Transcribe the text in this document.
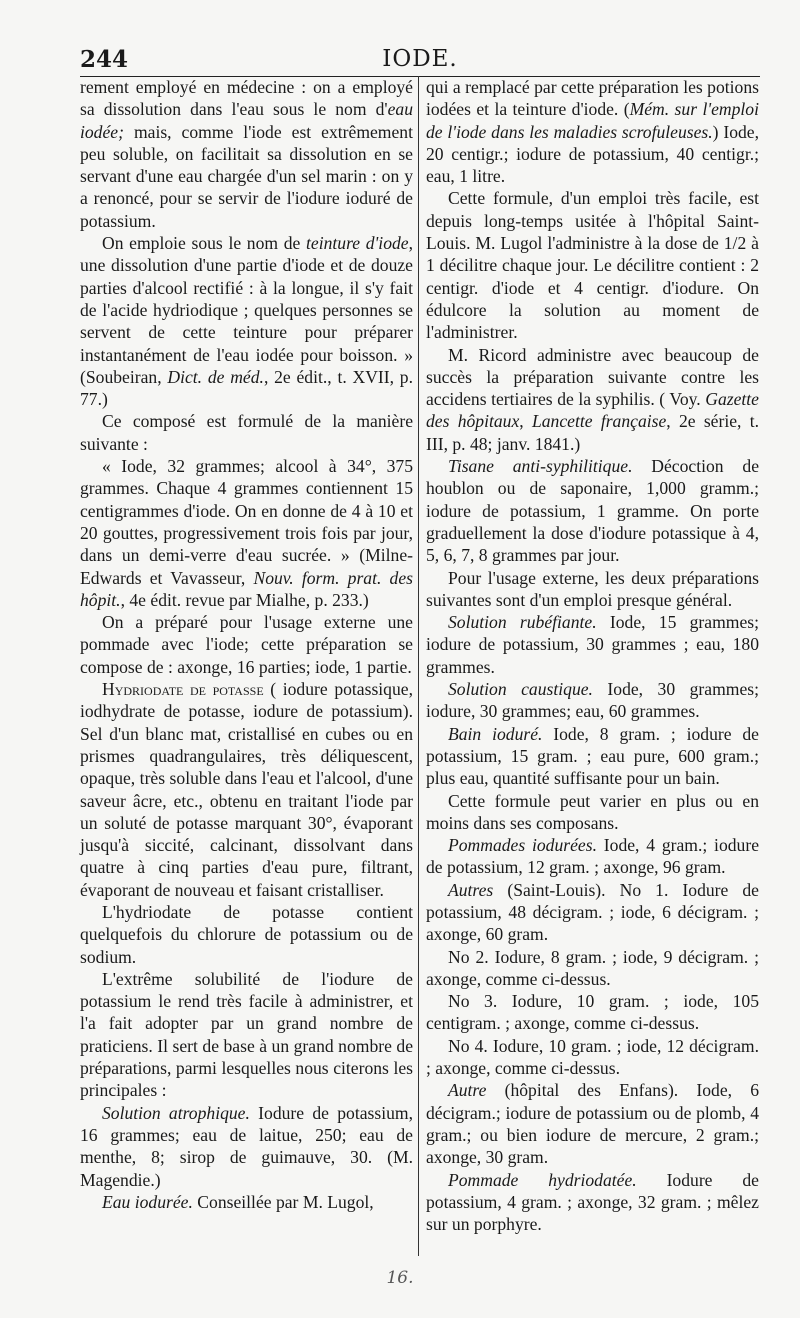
244	IODE.

rement employé en médecine : on a employé sa dissolution dans l'eau sous le nom d'eau iodée; mais, comme l'iode est extrêmement peu soluble, on facilitait sa dissolution en se servant d'une eau chargée d'un sel marin : on y a renoncé, pour se servir de l'iodure ioduré de potassium.

On emploie sous le nom de teinture d'iode, une dissolution d'une partie d'iode et de douze parties d'alcool rectifié : à la longue, il s'y fait de l'acide hydriodique ; quelques personnes se servent de cette teinture pour préparer instantanément de l'eau iodée pour boisson. » (Soubeiran, Dict. de méd., 2e édit., t. XVII, p. 77.)

Ce composé est formulé de la manière suivante :

« Iode, 32 grammes; alcool à 34°, 375 grammes. Chaque 4 grammes contiennent 15 centigrammes d'iode. On en donne de 4 à 10 et 20 gouttes, progressivement trois fois par jour, dans un demi-verre d'eau sucrée. » (Milne-Edwards et Vavasseur, Nouv. form. prat. des hôpit., 4e édit. revue par Mialhe, p. 233.)

On a préparé pour l'usage externe une pommade avec l'iode; cette préparation se compose de : axonge, 16 parties; iode, 1 partie.

Hydriodate de potasse ( iodure potassique, iodhydrate de potasse, iodure de potassium). Sel d'un blanc mat, cristallisé en cubes ou en prismes quadrangulaires, très déliquescent, opaque, très soluble dans l'eau et l'alcool, d'une saveur âcre, etc., obtenu en traitant l'iode par un soluté de potasse marquant 30°, évaporant jusqu'à siccité, calcinant, dissolvant dans quatre à cinq parties d'eau pure, filtrant, évaporant de nouveau et faisant cristalliser.

L'hydriodate de potasse contient quelquefois du chlorure de potassium ou de sodium.

L'extrême solubilité de l'iodure de potassium le rend très facile à administrer, et l'a fait adopter par un grand nombre de praticiens. Il sert de base à un grand nombre de préparations, parmi lesquelles nous citerons les principales :

Solution atrophique. Iodure de potassium, 16 grammes; eau de laitue, 250; eau de menthe, 8; sirop de guimauve, 30. (M. Magendie.)

Eau iodurée. Conseillée par M. Lugol,

qui a remplacé par cette préparation les potions iodées et la teinture d'iode. (Mém. sur l'emploi de l'iode dans les maladies scrofuleuses.) Iode, 20 centigr.; iodure de potassium, 40 centigr.; eau, 1 litre.

Cette formule, d'un emploi très facile, est depuis long-temps usitée à l'hôpital Saint-Louis. M. Lugol l'administre à la dose de 1/2 à 1 décilitre chaque jour. Le décilitre contient : 2 centigr. d'iode et 4 centigr. d'iodure. On édulcore la solution au moment de l'administrer.

M. Ricord administre avec beaucoup de succès la préparation suivante contre les accidens tertiaires de la syphilis. ( Voy. Gazette des hôpitaux, Lancette française, 2e série, t. III, p. 48; janv. 1841.)

Tisane anti-syphilitique. Décoction de houblon ou de saponaire, 1,000 gramm.; iodure de potassium, 1 gramme. On porte graduellement la dose d'iodure potassique à 4, 5, 6, 7, 8 grammes par jour.

Pour l'usage externe, les deux préparations suivantes sont d'un emploi presque général.

Solution rubéfiante. Iode, 15 grammes; iodure de potassium, 30 grammes ; eau, 180 grammes.

Solution caustique. Iode, 30 grammes; iodure, 30 grammes; eau, 60 grammes.

Bain ioduré. Iode, 8 gram. ; iodure de potassium, 15 gram. ; eau pure, 600 gram.; plus eau, quantité suffisante pour un bain.

Cette formule peut varier en plus ou en moins dans ses composans.

Pommades iodurées. Iode, 4 gram.; iodure de potassium, 12 gram. ; axonge, 96 gram.

Autres (Saint-Louis). No 1. Iodure de potassium, 48 décigram. ; iode, 6 décigram. ; axonge, 60 gram.

No 2. Iodure, 8 gram. ; iode, 9 décigram. ; axonge, comme ci-dessus.

No 3. Iodure, 10 gram. ; iode, 105 centigram. ; axonge, comme ci-dessus.

No 4. Iodure, 10 gram. ; iode, 12 décigram. ; axonge, comme ci-dessus.

Autre (hôpital des Enfans). Iode, 6 décigram.; iodure de potassium ou de plomb, 4 gram.; ou bien iodure de mercure, 2 gram.; axonge, 30 gram.

Pommade hydriodatée. Iodure de potassium, 4 gram. ; axonge, 32 gram. ; mêlez sur un porphyre.

16.
